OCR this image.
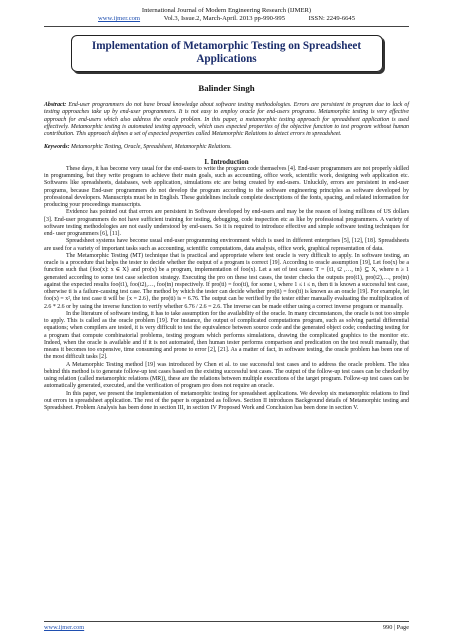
International Journal of Modern Engineering Research (IJMER)
www.ijmer.com	Vol.3, Issue.2, March-April. 2013 pp-990-995	ISSN: 2249-6645
Implementation of Metamorphic Testing on Spreadsheet Applications
Balinder Singh
Abstract: End-user programmers do not have broad knowledge about software testing methodologies. Errors are persistent in program due to lack of testing approaches take up by end-user programmers. It is not easy to employ oracle for end-users programs. Metamorphic testing is very effective approach for end-users which also address the oracle problem. In this paper, a metamorphic testing approach for spreadsheet application is used effectively. Metamorphic testing is automated testing approach, which uses expected properties of the objective function to test program without human contribution. This approach defines a set of expected properties called Metamorphic Relations to detect errors in spreadsheet.
Keywords: Metamorphic Testing, Oracle, Spreadsheet, Metamorphic Relations.
I. Introduction

These days, it has become very usual for the end-users to write the program code themselves [4]. End-user programmers are not properly skilled in programming, but they write program to achieve their main goals, such as accounting, office work, scientific work, designing web application etc. Softwares like spreadsheets, databases, web application, simulations etc are being created by end-users. Unluckily, errors are persistent in end-user programs, because End-user programmers do not develop the program according to the software engineering principles as software developed by professional developers. Manuscripts must be in English. These guidelines include complete descriptions of the fonts, spacing, and related information for producing your proceedings manuscripts.

Evidence has pointed out that errors are persistent in Software developed by end-users and may be the reason of losing millions of US dollars [3]. End-user programmers do not have sufficient training for testing, debugging, code inspection etc as like by professional programmers. A variety of software testing methodologies are not easily understood by end-users. So it is required to introduce effective and simple software testing techniques for end- user programmers [6], [11].

Spreadsheet systems have become usual end-user programming environment which is used in different enterprises [5], [12], [18]. Spreadsheets are used for a variety of important tasks such as accounting, scientific computations, data analysis, office work, graphical representation of data.

The Metamorphic Testing (MT) technique that is practical and appropriate where test oracle is very difficult to apply. In software testing, an oracle is a procedure that helps the tester to decide whether the output of a program is correct [19]. According to oracle assumption [19], Let foo(x) be a function such that {foo(x): x ∈ X} and pro(x) be a program, implementation of foo(x). Let a set of test cases: T = {t1, t2 ,…, tn} ⊆ X, where n ≥ 1 generated according to some test case selection strategy. Executing the pro on these test cases, the tester checks the outputs pro(t1), pro(t2),…, pro(tn) against the expected results foo(t1), foo(t2),…, foo(tn) respectively. If pro(ti) = foo(ti), for some i, where 1 ≤ i ≤ n, then ti is known a successful test case, otherwise ti is a failure-causing test case. The method by which the tester can decide whether pro(ti) = foo(ti) is known as an oracle [19]. For example, let foo(x) = x², the test case ti will be {x = 2.6}, the pro(ti) is = 6.76. The output can be verified by the tester either manually evaluating the multiplication of 2.6 * 2.6 or by using the inverse function to verify whether 6.76 / 2.6 = 2.6. The inverse can be made either using a correct inverse program or manually.

In the literature of software testing, it has to take assumption for the availability of the oracle. In many circumstances, the oracle is not too simple to apply. This is called as the oracle problem [19]. For instance, the output of complicated computations program, such as solving partial differential equations; when compilers are tested, it is very difficult to test the equivalence between source code and the generated object code; conducting testing for a program that compute combinatorial problems, testing program which performs simulations, drawing the complicated graphics to the monitor etc. Indeed, when the oracle is available and if it is not automated, then human tester performs comparison and predication on the test result manually, that means it becomes too expensive, time consuming and prone to error [2], [21]. As a matter of fact, in software testing, the oracle problem has been one of the most difficult tasks [2].

A Metamorphic Testing method [19] was introduced by Chen et al. to use successful test cases and to address the oracle problem. The idea behind this method is to generate follow-up test cases based on the existing successful test cases. The output of the follow-up test cases can be checked by using relation (called metamorphic relations (MR)), these are the relations between multiple executions of the target program. Follow-up test cases can be automatically generated, executed, and the verification of program pro does not require an oracle.

In this paper, we present the implementation of metamorphic testing for spreadsheet applications. We develop six metamorphic relations to find out errors in spreadsheet application. The rest of the paper is organized as follows. Section II introduces Background details of Metamorphic testing and Spreadsheet. Problem Analysis has been done in section III, in section IV Proposed Work and Conclusion has been done in section V.

www.ijmer.com	990 | Page
